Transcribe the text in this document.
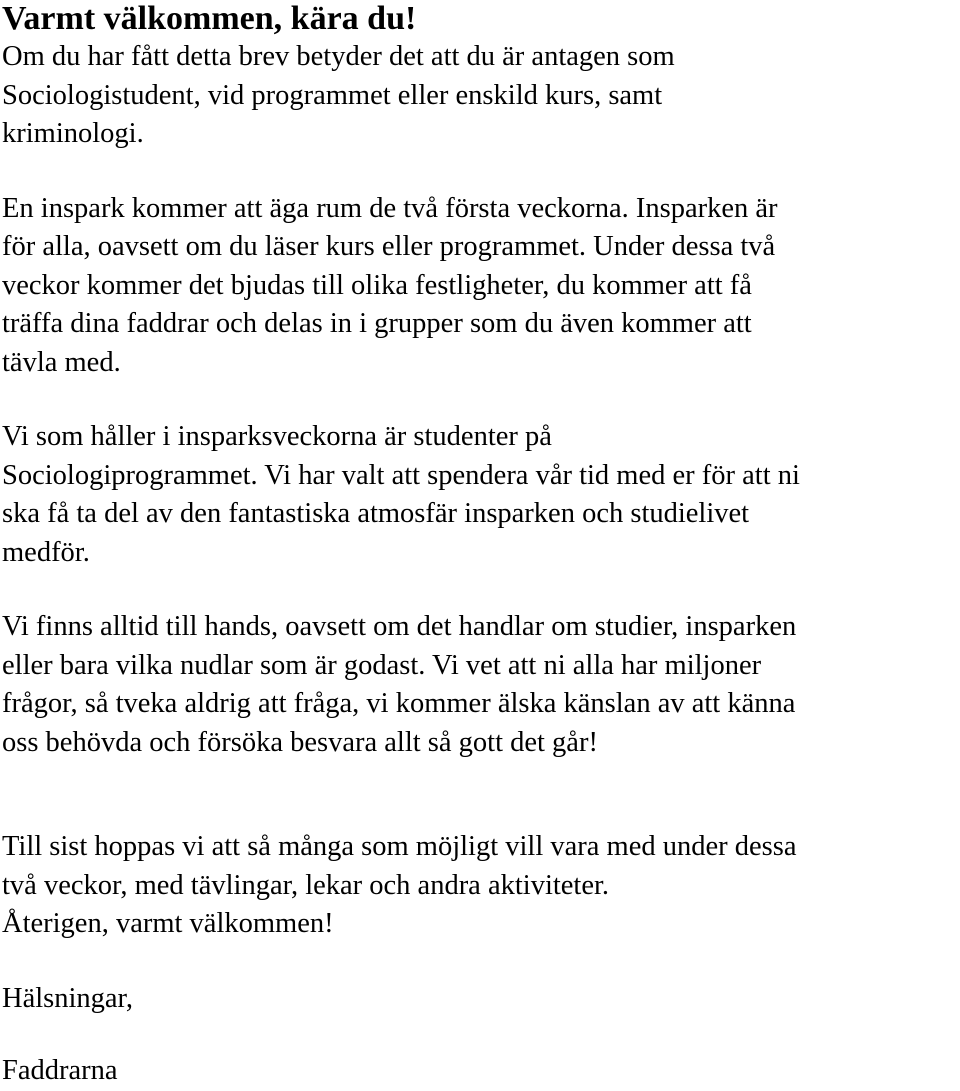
Varmt välkommen, kära du!
Om du har fått detta brev betyder det att du är antagen som
Sociologistudent, vid programmet eller enskild kurs, samt
kriminologi.
En inspark kommer att äga rum de två första veckorna. Insparken är
för alla, oavsett om du läser kurs eller programmet. Under dessa två
veckor kommer det bjudas till olika festligheter, du kommer att få
träffa dina faddrar och delas in i grupper som du även kommer att
tävla med.
Vi som håller i insparksveckorna är studenter på
Sociologiprogrammet. Vi har valt att spendera vår tid med er för att ni
ska få ta del av den fantastiska atmosfär insparken och studielivet
medför.
Vi finns alltid till hands, oavsett om det handlar om studier, insparken
eller bara vilka nudlar som är godast. Vi vet att ni alla har miljoner
frågor, så tveka aldrig att fråga, vi kommer älska känslan av att känna
oss behövda och försöka besvara allt så gott det går!
Till sist hoppas vi att så många som möjligt vill vara med under dessa
två veckor, med tävlingar, lekar och andra aktiviteter.
Återigen, varmt välkommen!
Hälsningar,
Faddrarna
